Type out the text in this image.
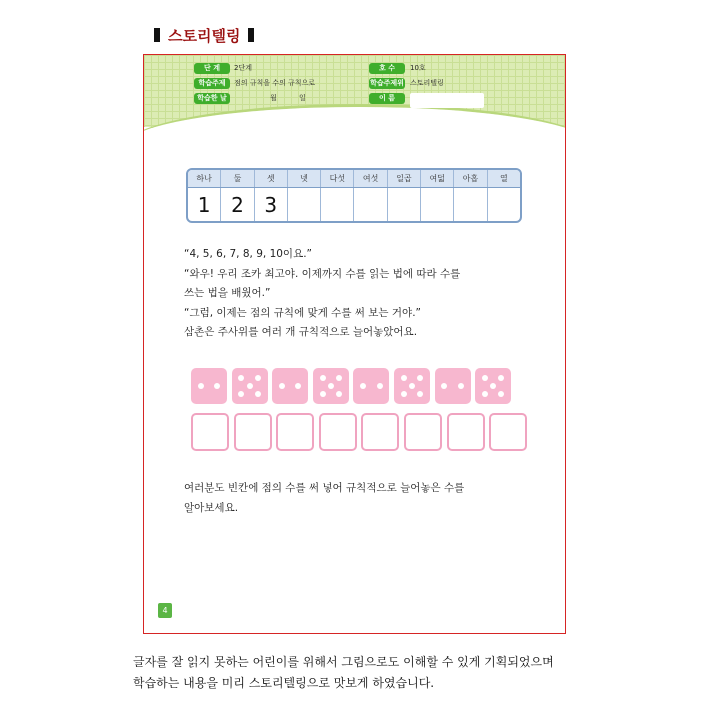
스토리텔링
단 계	2단계
학습주제	점의 규칙을 수의 규칙으로
학습한 날	월          일
호 수	10호
학습주제위 스토리텔링
이 름
하나	둘	셋	넷	다섯	여섯	일곱	여덟	아홉	열
1	2	3

“4, 5, 6, 7, 8, 9, 10이요.”

“와우! 우리 조카 최고야. 이제까지 수를 읽는 법에 따라 수를

쓰는 법을 배웠어.”

“그럼, 이제는 점의 규칙에 맞게 수를 써 보는 거야.”

삼촌은 주사위를 여러 개 규칙적으로 늘어놓았어요.

여러분도 빈칸에 점의 수를 써 넣어 규칙적으로 늘어놓은 수를

알아보세요.

4

글자를 잘 읽지 못하는 어린이를 위해서 그림으로도 이해할 수 있게 기획되었으며

학습하는 내용을 미리 스토리텔링으로 맛보게 하였습니다.
